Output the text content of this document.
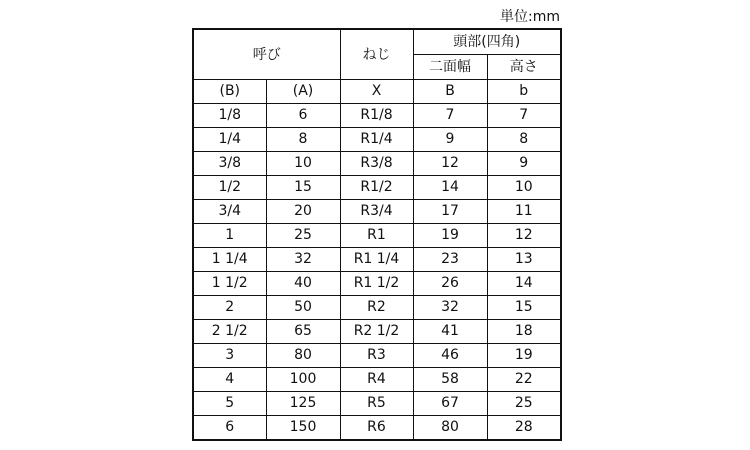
単位:mm
呼び		ねじ	頭部(四角)	
			二面幅	高さ
(B)	(A)	X	B	b
1/8	6	R1/8	7	7
1/4	8	R1/4	9	8
3/8	10	R3/8	12	9
1/2	15	R1/2	14	10
3/4	20	R3/4	17	11
1	25	R1	19	12
1 1/4	32	R1 1/4	23	13
1 1/2	40	R1 1/2	26	14
2	50	R2	32	15
2 1/2	65	R2 1/2	41	18
3	80	R3	46	19
4	100	R4	58	22
5	125	R5	67	25
6	150	R6	80	28
